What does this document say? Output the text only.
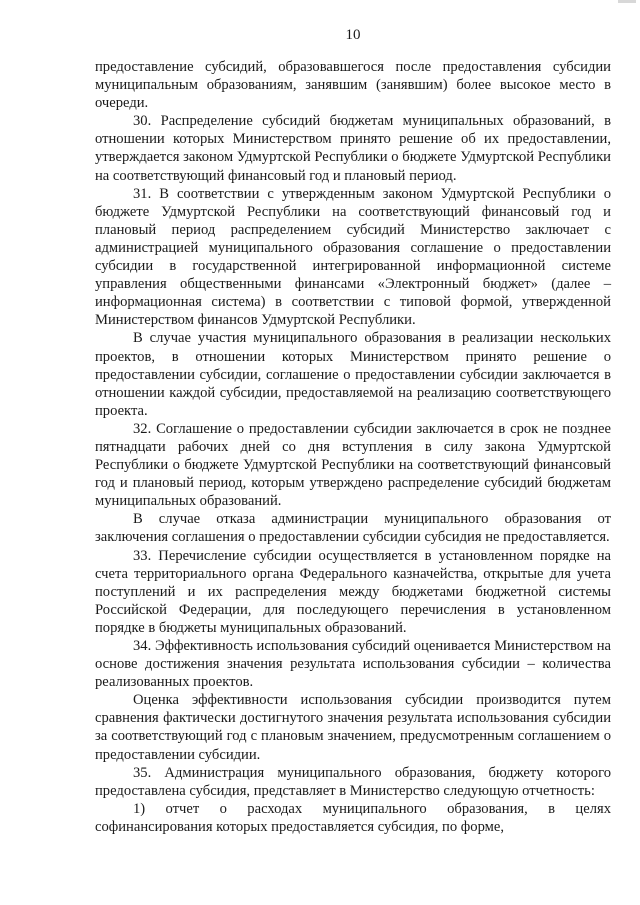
10

предоставление субсидий, образовавшегося после предоставления субсидии муниципальным образованиям, занявшим (занявшим) более высокое место в очереди.

30. Распределение субсидий бюджетам муниципальных образований, в отношении которых Министерством принято решение об их предоставлении, утверждается законом Удмуртской Республики о бюджете Удмуртской Республики на соответствующий финансовый год и плановый период.

31. В соответствии с утвержденным законом Удмуртской Республики о бюджете Удмуртской Республики на соответствующий финансовый год и плановый период распределением субсидий Министерство заключает с администрацией муниципального образования соглашение о предоставлении субсидии в государственной интегрированной информационной системе управления общественными финансами «Электронный бюджет» (далее – информационная система) в соответствии с типовой формой, утвержденной Министерством финансов Удмуртской Республики.

В случае участия муниципального образования в реализации нескольких проектов, в отношении которых Министерством принято решение о предоставлении субсидии, соглашение о предоставлении субсидии заключается в отношении каждой субсидии, предоставляемой на реализацию соответствующего проекта.

32. Соглашение о предоставлении субсидии заключается в срок не позднее пятнадцати рабочих дней со дня вступления в силу закона Удмуртской Республики о бюджете Удмуртской Республики на соответствующий финансовый год и плановый период, которым утверждено распределение субсидий бюджетам муниципальных образований.

В случае отказа администрации муниципального образования от заключения соглашения о предоставлении субсидии субсидия не предоставляется.

33. Перечисление субсидии осуществляется в установленном порядке на счета территориального органа Федерального казначейства, открытые для учета поступлений и их распределения между бюджетами бюджетной системы Российской Федерации, для последующего перечисления в установленном порядке в бюджеты муниципальных образований.

34. Эффективность использования субсидий оценивается Министерством на основе достижения значения результата использования субсидии – количества реализованных проектов.

Оценка эффективности использования субсидии производится путем сравнения фактически достигнутого значения результата использования субсидии за соответствующий год с плановым значением, предусмотренным соглашением о предоставлении субсидии.

35. Администрация муниципального образования, бюджету которого предоставлена субсидия, представляет в Министерство следующую отчетность:

1) отчет о расходах муниципального образования, в целях софинансирования которых предоставляется субсидия, по форме,
